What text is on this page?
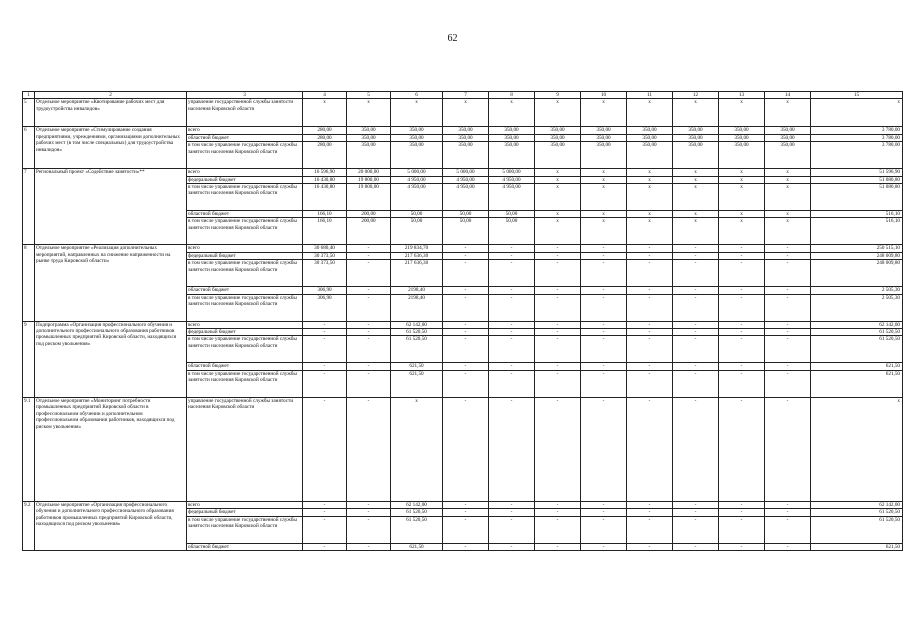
62
1	2	3	4	5	6	7	8	9	10	11	12	13	14	15
5	Отдельное мероприятие «Квотирование рабочих мест для трудоустройства инвалидов»	управление государственной службы занятости населения Кировской области	х	х	х	х	х	х	х	х	х	х	х	х
6	Отдельное мероприятие «Стимулирование создания предприятиями, учреждениями, организациями дополнительных рабочих мест (в том числе специальных) для трудоустройства инвалидов»	всего	280,00	350,00	350,00	350,00	350,00	350,00	350,00	350,00	350,00	350,00	350,00	3 780,00
		областной бюджет	280,00	350,00	350,00	350,00	350,00	350,00	350,00	350,00	350,00	350,00	350,00	3 780,00
		в том числе управление государственной службы занятости населения Кировской области	280,00	350,00	350,00	350,00	350,00	350,00	350,00	350,00	350,00	350,00	350,00	3 780,00
7	Региональный проект «Содействие занятости»**	всего	16 596,90	20 000,00	5 000,00	5 000,00	5 000,00	х	х	х	х	х	х	51 596,90
		федеральный бюджет	16 430,80	19 800,00	4 950,00	4 950,00	4 950,00	х	х	х	х	х	х	51 080,80
		в том числе управление государственной службы занятости населения Кировской области	16 430,80	19 800,00	4 950,00	4 950,00	4 950,00	х	х	х	х	х	х	51 080,80
		областной бюджет	166,10	200,00	50,00	50,00	50,00	х	х	х	х	х	х	516,10
		в том числе управление государственной службы занятости населения Кировской области	166,10	200,00	50,00	50,00	50,00	х	х	х	х	х	х	516,10
8	Отдельное мероприятие «Реализация дополнительных мероприятий, направленных на снижение напряженности на рынке труда Кировской области»	всего	30 680,40	-	219 834,70	-	-	-	-	-	-	-	-	250 515,10
		федеральный бюджет	30 373,50	-	217 636,30	-	-	-	-	-	-	-	-	248 009,80
		в том числе управление государственной службы занятости населения Кировской области	30 373,50	-	217 636,30	-	-	-	-	-	-	-	-	248 009,80
		областной бюджет	306,90	-	2198,40	-	-	-	-	-	-	-	-	2 505,30
		в том числе управление государственной службы занятости населения Кировской области	306,90	-	2198,40	-	-	-	-	-	-	-	-	2 505,30
9	Подпрограмма «Организация профессионального обучения и дополнительного профессионального образования работников промышленных предприятий Кировской области, находящихся под риском увольнения»	всего	-	-	62 142,00	-	-	-	-	-	-	-	-	62 142,00
		федеральный бюджет	-	-	61 520,50	-	-	-	-	-	-	-	-	61 520,50
		в том числе управление государственной службы занятости населения Кировской области	-	-	61 520,50	-	-	-	-	-	-	-	-	61 520,50
		областной бюджет	-	-	621,50	-	-	-	-	-	-	-	-	621,50
		в том числе управление государственной службы занятости населения Кировской области	-	-	621,50	-	-	-	-	-	-	-	-	621,50
9.1	Отдельное мероприятие «Мониторинг потребности промышленных предприятий Кировской области в профессиональном обучении и дополнительном профессиональном образовании работников, находящихся под риском увольнения»	управление государственной службы занятости населения Кировской области	-	-	х	-	-	-	-	-	-	-	-	х
9.2	Отдельное мероприятие «Организация профессионального обучения и дополнительного профессионального образования работников промышленных предприятий Кировской области, находящихся под риском увольнения»	всего	-	-	62 142,00	-	-	-	-	-	-	-	-	62 142,00
		федеральный бюджет	-	-	61 520,50	-	-	-	-	-	-	-	-	61 520,50
		в том числе управление государственной службы занятости населения Кировской области	-	-	61 520,50	-	-	-	-	-	-	-	-	61 520,50
		областной бюджет	-	-	621,50	-	-	-	-	-	-	-	-	621,50
